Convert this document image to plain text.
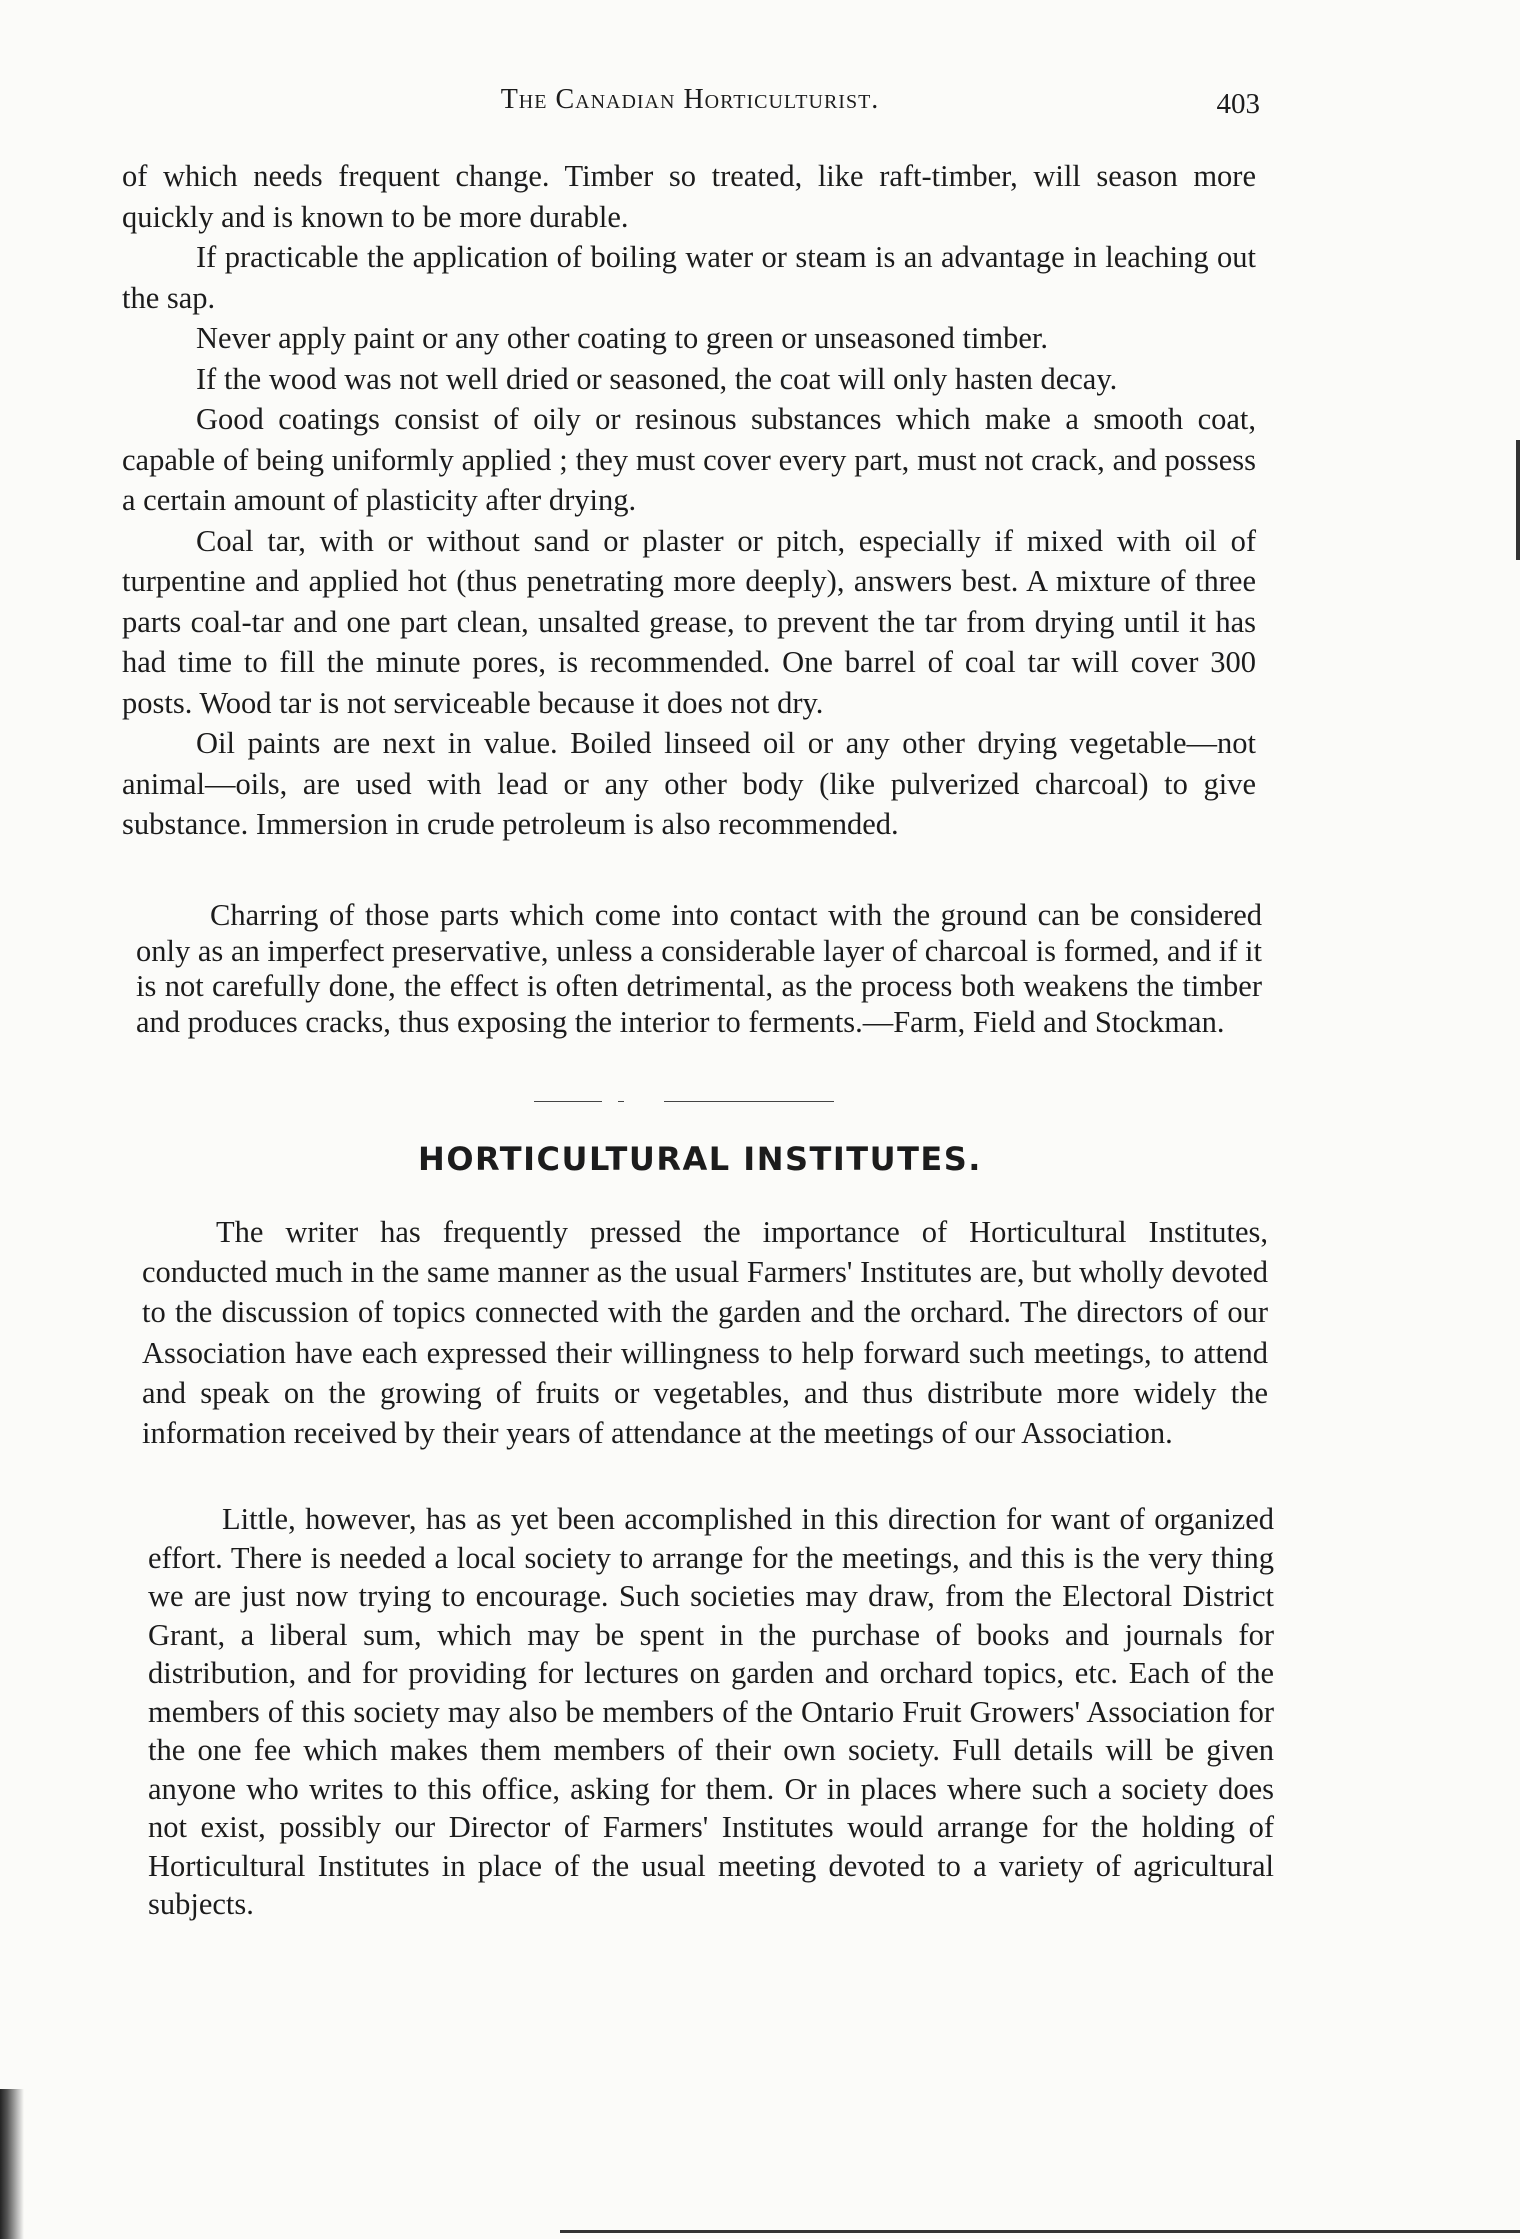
The Canadian Horticulturist.	403

of which needs frequent change. Timber so treated, like raft-timber, will season more quickly and is known to be more durable.

If practicable the application of boiling water or steam is an advantage in leaching out the sap.

Never apply paint or any other coating to green or unseasoned timber.

If the wood was not well dried or seasoned, the coat will only hasten decay.

Good coatings consist of oily or resinous substances which make a smooth coat, capable of being uniformly applied ; they must cover every part, must not crack, and possess a certain amount of plasticity after drying.

Coal tar, with or without sand or plaster or pitch, especially if mixed with oil of turpentine and applied hot (thus penetrating more deeply), answers best. A mixture of three parts coal-tar and one part clean, unsalted grease, to prevent the tar from drying until it has had time to fill the minute pores, is recommended. One barrel of coal tar will cover 300 posts. Wood tar is not serviceable because it does not dry.

Oil paints are next in value. Boiled linseed oil or any other drying vegetable—not animal—oils, are used with lead or any other body (like pulverized charcoal) to give substance. Immersion in crude petroleum is also recommended.

Charring of those parts which come into contact with the ground can be considered only as an imperfect preservative, unless a considerable layer of charcoal is formed, and if it is not carefully done, the effect is often detrimental, as the process both weakens the timber and produces cracks, thus exposing the interior to ferments.—Farm, Field and Stockman.

HORTICULTURAL INSTITUTES.

The writer has frequently pressed the importance of Horticultural Institutes, conducted much in the same manner as the usual Farmers' Institutes are, but wholly devoted to the discussion of topics connected with the garden and the orchard. The directors of our Association have each expressed their willingness to help forward such meetings, to attend and speak on the growing of fruits or vegetables, and thus distribute more widely the information received by their years of attendance at the meetings of our Association.

Little, however, has as yet been accomplished in this direction for want of organized effort. There is needed a local society to arrange for the meetings, and this is the very thing we are just now trying to encourage. Such societies may draw, from the Electoral District Grant, a liberal sum, which may be spent in the purchase of books and journals for distribution, and for providing for lectures on garden and orchard topics, etc. Each of the members of this society may also be members of the Ontario Fruit Growers' Association for the one fee which makes them members of their own society. Full details will be given anyone who writes to this office, asking for them. Or in places where such a society does not exist, possibly our Director of Farmers' Institutes would arrange for the holding of Horticultural Institutes in place of the usual meeting devoted to a variety of agricultural subjects.
